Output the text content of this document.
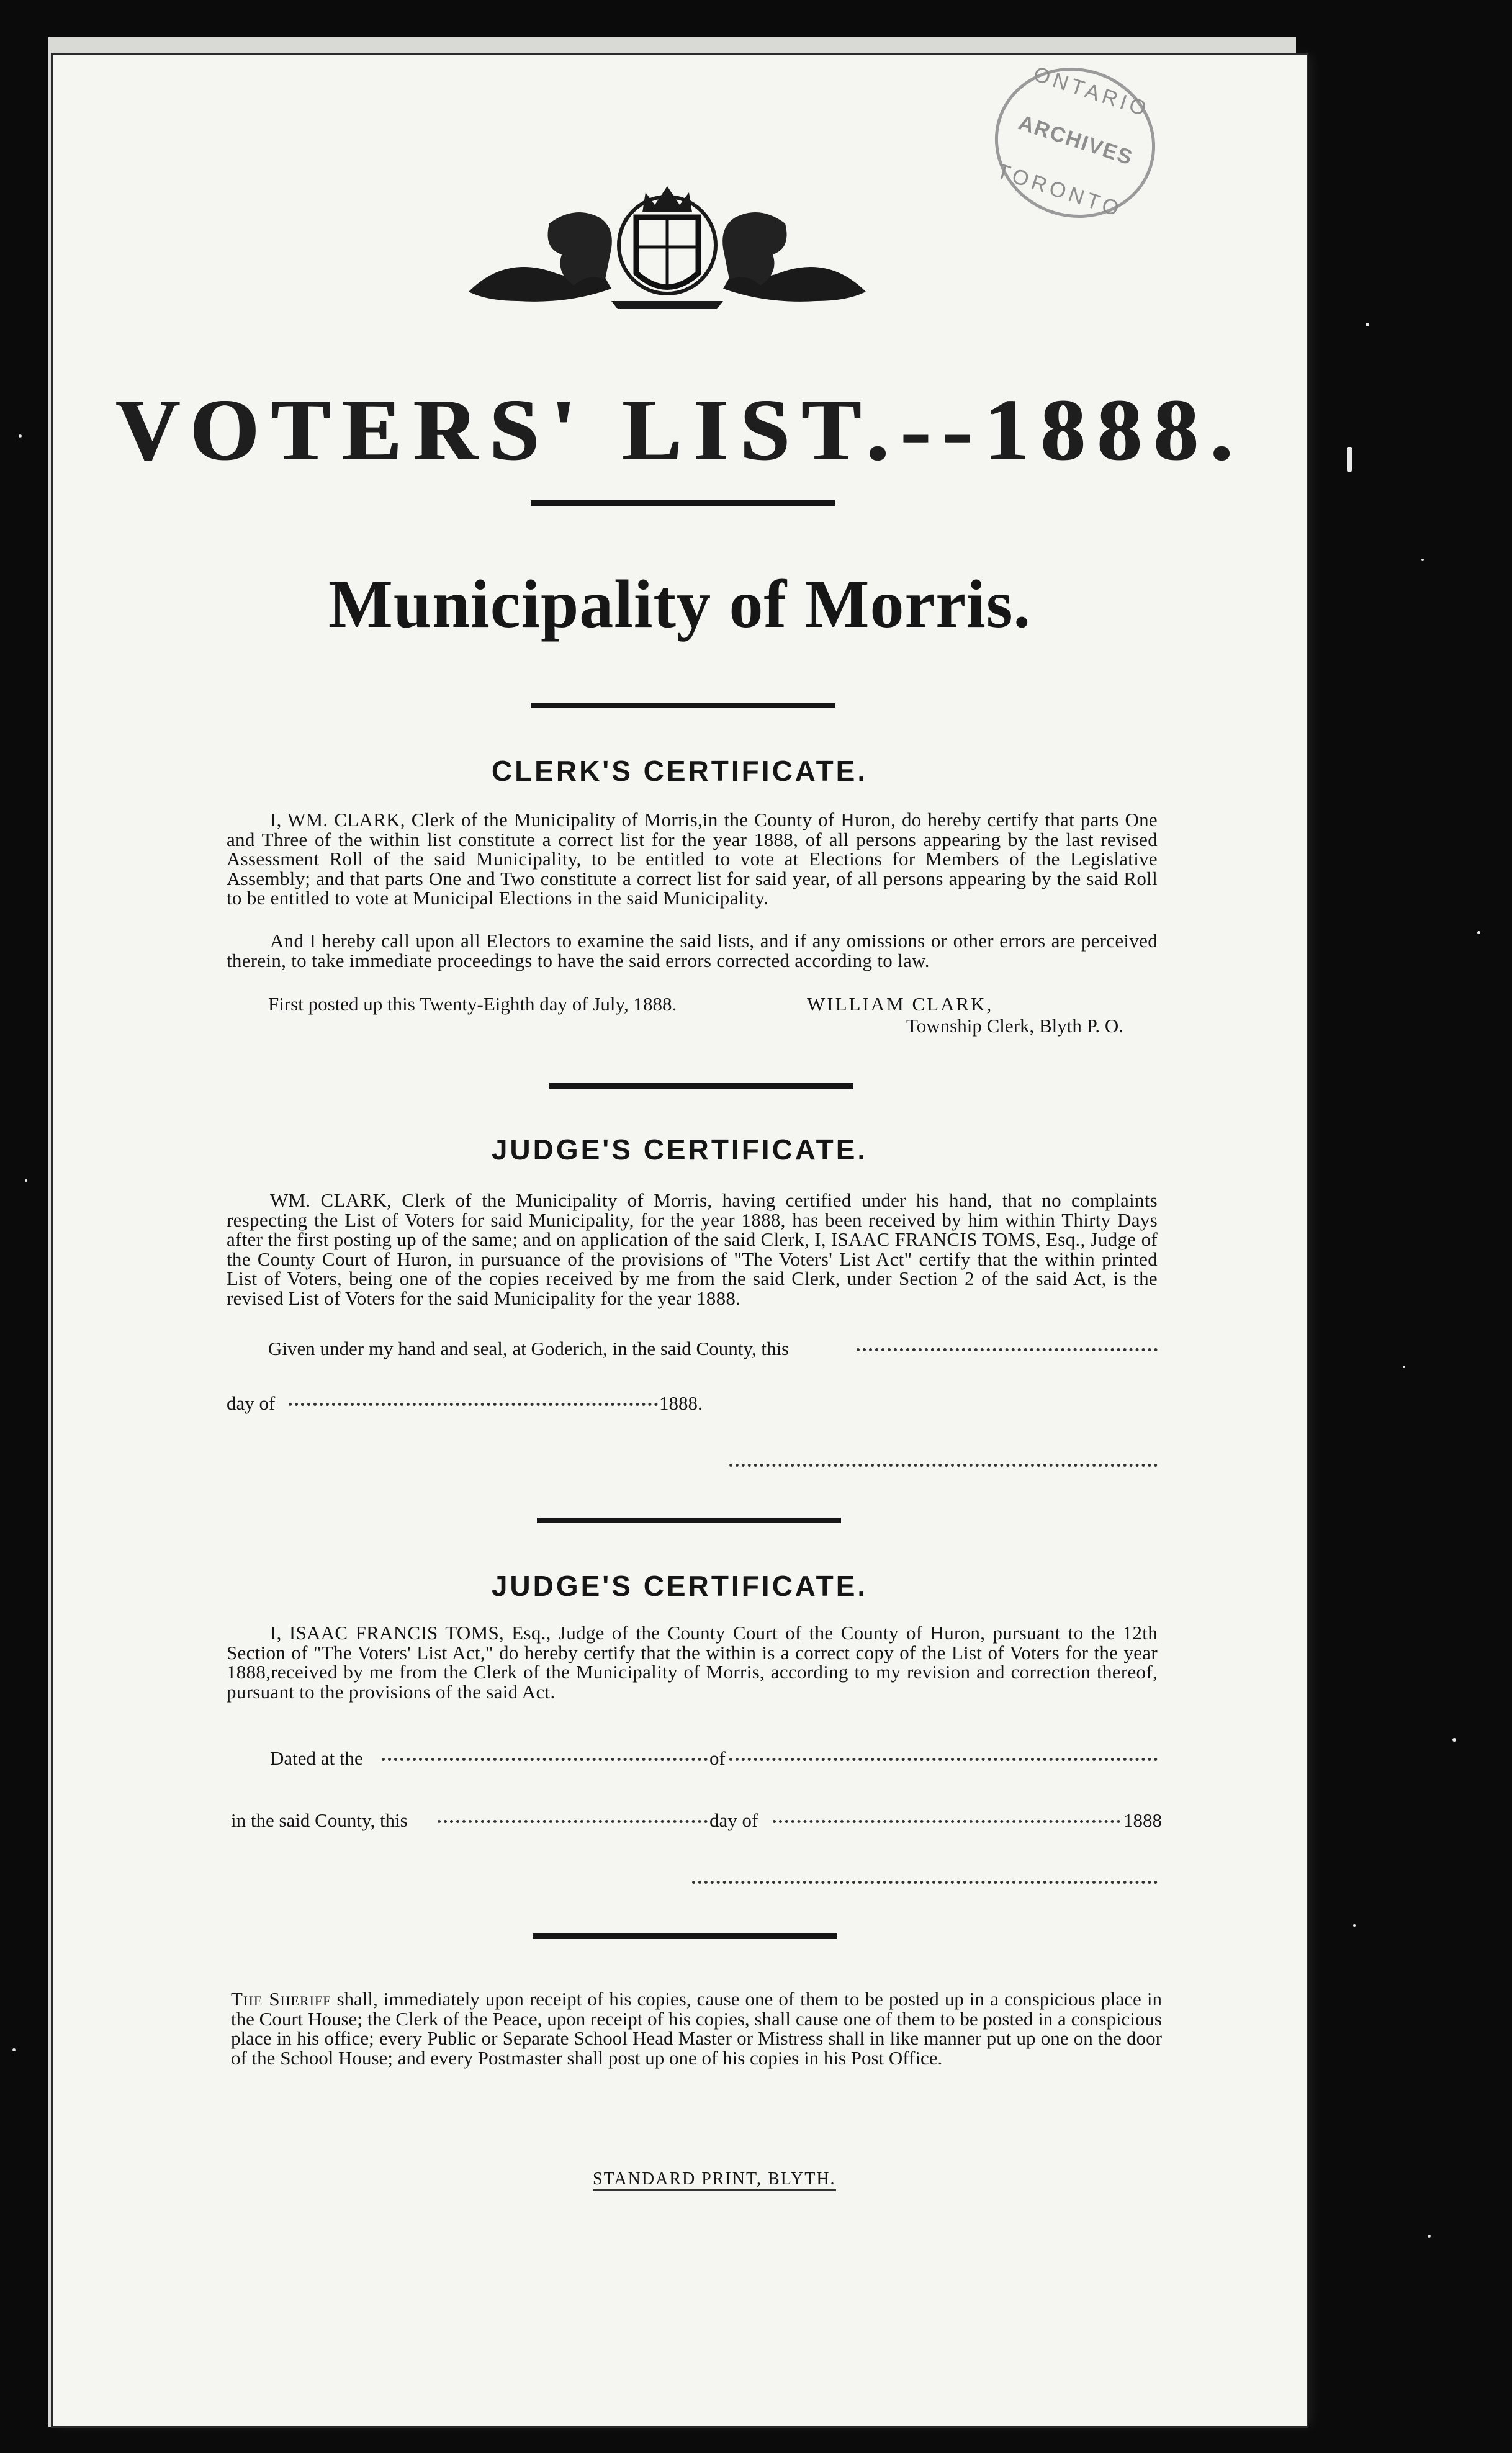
ONTARIO
ARCHIVES
TORONTO
VOTERS' LIST.--1888.
Municipality of Morris.
CLERK'S CERTIFICATE.
I, WM. CLARK, Clerk of the Municipality of Morris,in the County of Huron, do hereby certify that parts One and Three of the within list constitute a correct list for the year 1888, of all persons appearing by the last revised Assessment Roll of the said Municipality, to be entitled to vote at Elections for Members of the Legislative Assembly; and that parts One and Two constitute a correct list for said year, of all persons appearing by the said Roll to be entitled to vote at Municipal Elections in the said Municipality.
And I hereby call upon all Electors to examine the said lists, and if any omissions or other errors are perceived therein, to take immediate proceedings to have the said errors corrected according to law.
First posted up this Twenty-Eighth day of July, 1888.	WILLIAM CLARK,
Township Clerk, Blyth P. O.
JUDGE'S CERTIFICATE.
WM. CLARK, Clerk of the Municipality of Morris, having certified under his hand, that no complaints respecting the List of Voters for said Municipality, for the year 1888, has been received by him within Thirty Days after the first posting up of the same; and on application of the said Clerk, I, ISAAC FRANCIS TOMS, Esq., Judge of the County Court of Huron, in pursuance of the provisions of "The Voters' List Act" certify that the within printed List of Voters, being one of the copies received by me from the said Clerk, under Section 2 of the said Act, is the revised List of Voters for the said Municipality for the year 1888.
Given under my hand and seal, at Goderich, in the said County, this
day of	1888.
JUDGE'S CERTIFICATE.
I, ISAAC FRANCIS TOMS, Esq., Judge of the County Court of the County of Huron, pursuant to the 12th Section of "The Voters' List Act," do hereby certify that the within is a correct copy of the List of Voters for the year 1888,received by me from the Clerk of the Municipality of Morris, according to my revision and correction thereof, pursuant to the provisions of the said Act.
Dated at the	of
in the said County, this	day of	1888
The Sheriff shall, immediately upon receipt of his copies, cause one of them to be posted up in a conspicious place in the Court House; the Clerk of the Peace, upon receipt of his copies, shall cause one of them to be posted in a conspicious place in his office; every Public or Separate School Head Master or Mistress shall in like manner put up one on the door of the School House; and every Postmaster shall post up one of his copies in his Post Office.
STANDARD PRINT, BLYTH.
